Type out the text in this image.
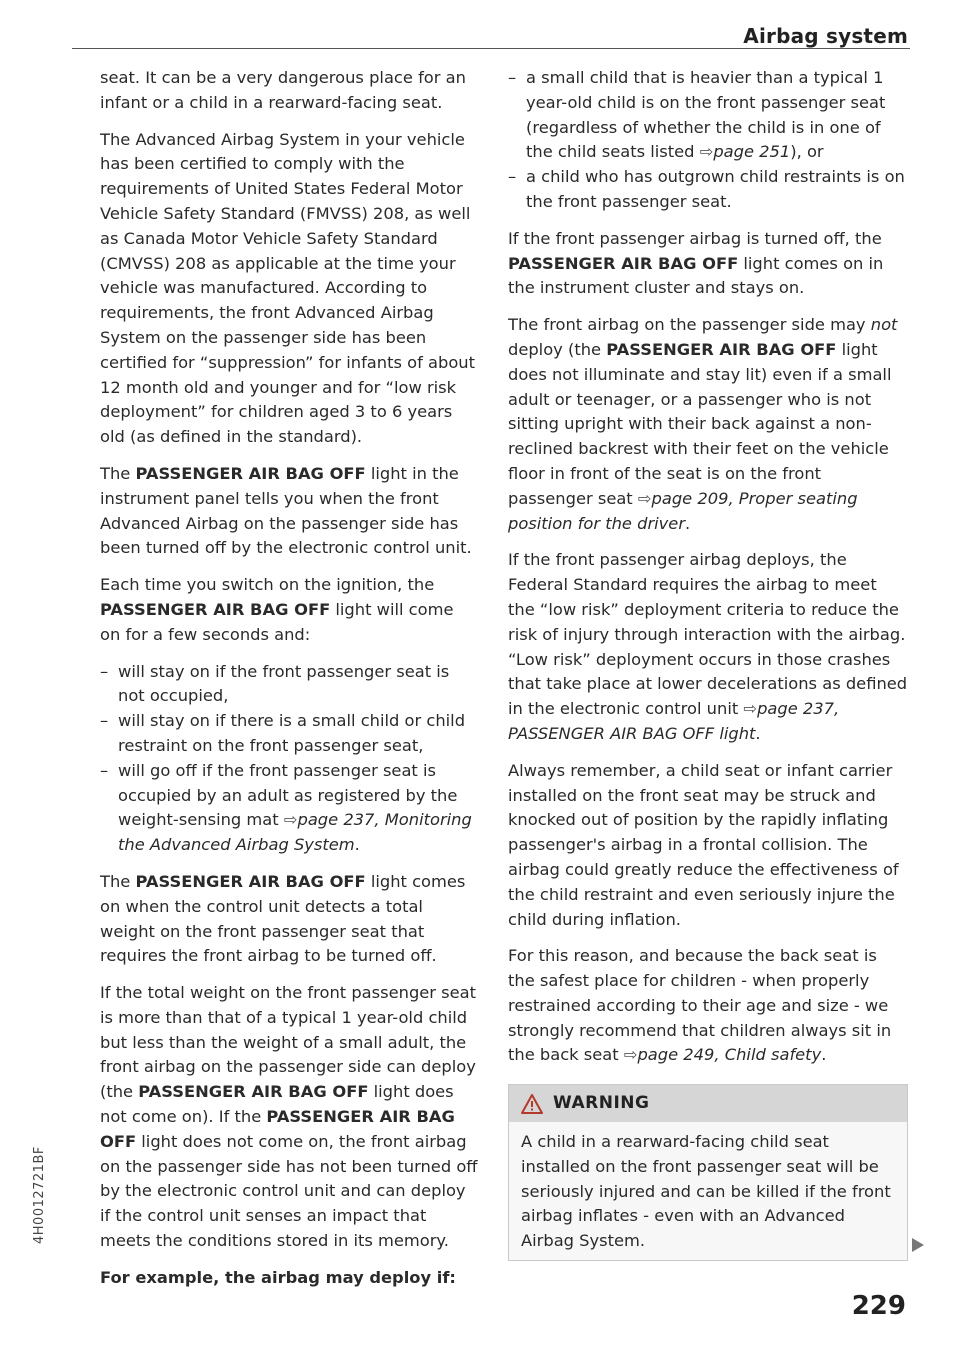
Airbag system

seat. It can be a very dangerous place for an infant or a child in a rearward-facing seat.

The Advanced Airbag System in your vehicle has been certified to comply with the requirements of United States Federal Motor Vehicle Safety Standard (FMVSS) 208, as well as Canada Motor Vehicle Safety Standard (CMVSS) 208 as applicable at the time your vehicle was manufactured. According to requirements, the front Advanced Airbag System on the passenger side has been certified for “suppression” for infants of about 12 month old and younger and for “low risk deployment” for children aged 3 to 6 years old (as defined in the standard).

The PASSENGER AIR BAG OFF light in the instrument panel tells you when the front Advanced Airbag on the passenger side has been turned off by the electronic control unit.

Each time you switch on the ignition, the PASSENGER AIR BAG OFF light will come on for a few seconds and:

– will stay on if the front passenger seat is not occupied,
– will stay on if there is a small child or child restraint on the front passenger seat,
– will go off if the front passenger seat is occupied by an adult as registered by the weight-sensing mat ⇨page 237, Monitoring the Advanced Airbag System.

The PASSENGER AIR BAG OFF light comes on when the control unit detects a total weight on the front passenger seat that requires the front airbag to be turned off.

If the total weight on the front passenger seat is more than that of a typical 1 year-old child but less than the weight of a small adult, the front airbag on the passenger side can deploy (the PASSENGER AIR BAG OFF light does not come on). If the PASSENGER AIR BAG OFF light does not come on, the front airbag on the passenger side has not been turned off by the electronic control unit and can deploy if the control unit senses an impact that meets the conditions stored in its memory.

For example, the airbag may deploy if:

– a small child that is heavier than a typical 1 year-old child is on the front passenger seat (regardless of whether the child is in one of the child seats listed ⇨page 251), or
– a child who has outgrown child restraints is on the front passenger seat.

If the front passenger airbag is turned off, the PASSENGER AIR BAG OFF light comes on in the instrument cluster and stays on.

The front airbag on the passenger side may not deploy (the PASSENGER AIR BAG OFF light does not illuminate and stay lit) even if a small adult or teenager, or a passenger who is not sitting upright with their back against a non-reclined backrest with their feet on the vehicle floor in front of the seat is on the front passenger seat ⇨page 209, Proper seating position for the driver.

If the front passenger airbag deploys, the Federal Standard requires the airbag to meet the “low risk” deployment criteria to reduce the risk of injury through interaction with the airbag. “Low risk” deployment occurs in those crashes that take place at lower decelerations as defined in the electronic control unit ⇨page 237, PASSENGER AIR BAG OFF light.

Always remember, a child seat or infant carrier installed on the front seat may be struck and knocked out of position by the rapidly inflating passenger's airbag in a frontal collision. The airbag could greatly reduce the effectiveness of the child restraint and even seriously injure the child during inflation.

For this reason, and because the back seat is the safest place for children - when properly restrained according to their age and size - we strongly recommend that children always sit in the back seat ⇨page 249, Child safety.

WARNING
A child in a rearward-facing child seat installed on the front passenger seat will be seriously injured and can be killed if the front airbag inflates - even with an Advanced Airbag System.
229
4H0012721BF
